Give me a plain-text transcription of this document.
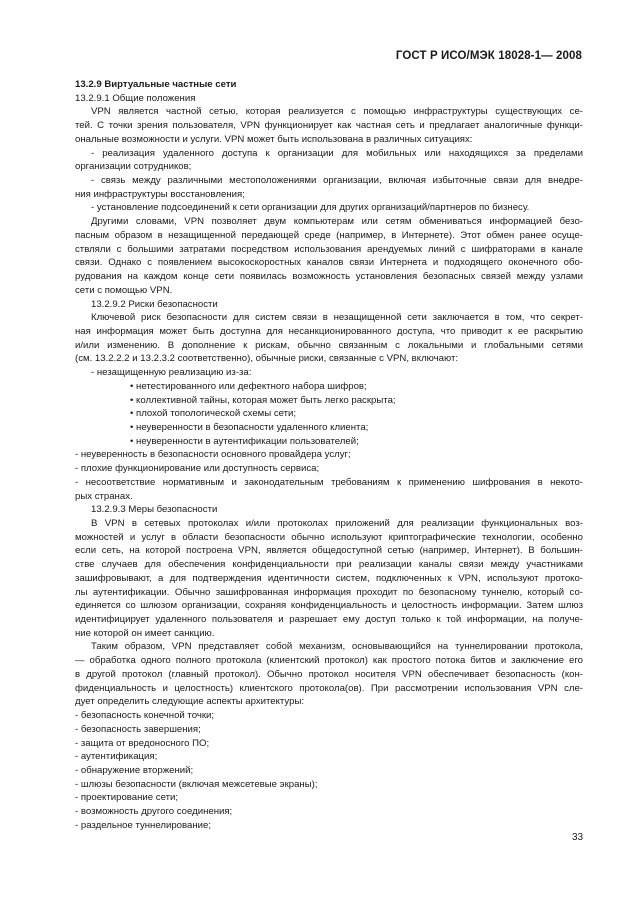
ГОСТ Р ИСО/МЭК 18028-1— 2008
13.2.9 Виртуальные частные сети
13.2.9.1 Общие положения
VPN является частной сетью, которая реализуется с помощью инфраструктуры существующих се-
тей. С точки зрения пользователя, VPN функционирует как частная сеть и предлагает аналогичные функци-
ональные возможности и услуги. VPN может быть использована в различных ситуациях:
- реализация удаленного доступа к организации для мобильных или находящихся за пределами
организации сотрудников;
- связь между различными местоположениями организации, включая избыточные связи для внедре-
ния инфраструктуры восстановления;
- установление подсоединений к сети организации для других организаций/партнеров по бизнесу.
Другими словами, VPN позволяет двум компьютерам или сетям обмениваться информацией безо-
пасным образом в незащищенной передающей среде (например, в Интернете). Этот обмен ранее осуще-
ствляли с большими затратами посредством использования арендуемых линий с шифраторами в канале
связи. Однако с появлением высокоскоростных каналов связи Интернета и подходящего оконечного обо-
рудования на каждом конце сети появилась возможность установления безопасных связей между узлами
сети с помощью VPN.
13.2.9.2 Риски безопасности
Ключевой риск безопасности для систем связи в незащищенной сети заключается в том, что секрет-
ная информация может быть доступна для несанкционированного доступа, что приводит к ее раскрытию
и/или изменению. В дополнение к рискам, обычно связанным с локальными и глобальными сетями
(см. 13.2.2.2 и 13.2.3.2 соответственно), обычные риски, связанные с VPN, включают:
- незащищенную реализацию из-за:
• нетестированного или дефектного набора шифров;
• коллективной тайны, которая может быть легко раскрыта;
• плохой топологической схемы сети;
• неуверенности в безопасности удаленного клиента;
• неуверенности в аутентификации пользователей;
- неуверенность в безопасности основного провайдера услуг;
- плохие функционирование или доступность сервиса;
- несоответствие нормативным и законодательным требованиям к применению шифрования в некото-
рых странах.
13.2.9.3 Меры безопасности
В VPN в сетевых протоколах и/или протоколах приложений для реализации функциональных воз-
можностей и услуг в области безопасности обычно используют криптографические технологии, особенно
если сеть, на которой построена VPN, является общедоступной сетью (например, Интернет). В большин-
стве случаев для обеспечения конфиденциальности при реализации каналы связи между участниками
зашифровывают, а для подтверждения идентичности систем, подключенных к VPN, используют протоко-
лы аутентификации. Обычно зашифрованная информация проходит по безопасному туннелю, который со-
единяется со шлюзом организации, сохраняя конфиденциальность и целостность информации. Затем шлюз
идентифицирует удаленного пользователя и разрешает ему доступ только к той информации, на получе-
ние которой он имеет санкцию.
Таким образом, VPN представляет собой механизм, основывающийся на туннелировании протокола,
— обработка одного полного протокола (клиентский протокол) как простого потока битов и заключение его
в другой протокол (главный протокол). Обычно протокол носителя VPN обеспечивает безопасность (кон-
фиденциальность и целостность) клиентского протокола(ов). При рассмотрении использования VPN сле-
дует определить следующие аспекты архитектуры:
- безопасность конечной точки;
- безопасность завершения;
- защита от вредоносного ПО;
- аутентификация;
- обнаружение вторжений;
- шлюзы безопасности (включая межсетевые экраны);
- проектирование сети;
- возможность другого соединения;
- раздельное туннелирование;
33
